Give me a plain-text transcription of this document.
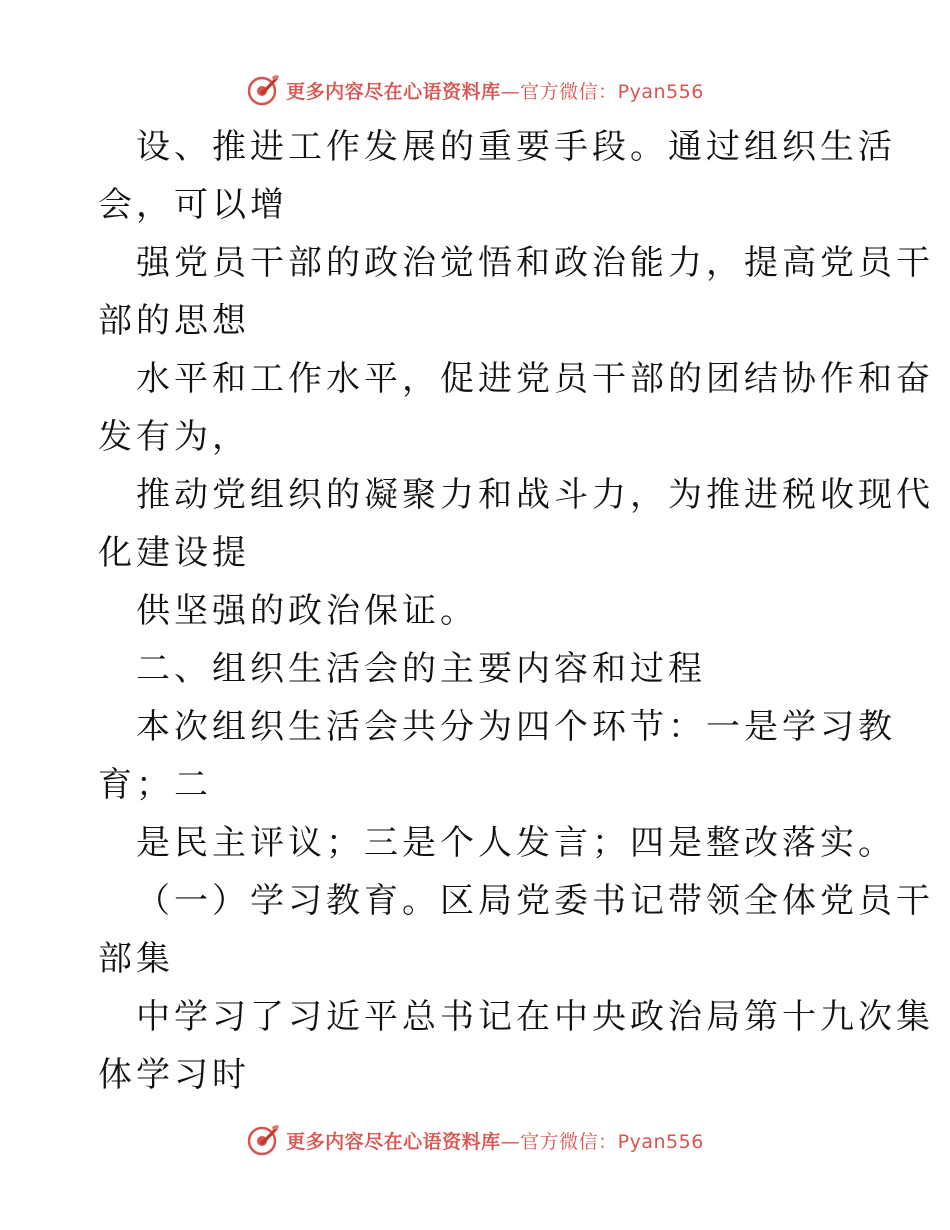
更多内容尽在心语资料库—官方微信：Pyan556
设、推进工作发展的重要手段。通过组织生活
会，可以增
强党员干部的政治觉悟和政治能力，提高党员干
部的思想
水平和工作水平，促进党员干部的团结协作和奋
发有为，
推动党组织的凝聚力和战斗力，为推进税收现代
化建设提
供坚强的政治保证。
二、组织生活会的主要内容和过程
本次组织生活会共分为四个环节：一是学习教
育；二
是民主评议；三是个人发言；四是整改落实。
（一）学习教育。区局党委书记带领全体党员干
部集
中学习了习近平总书记在中央政治局第十九次集
体学习时
更多内容尽在心语资料库—官方微信：Pyan556
